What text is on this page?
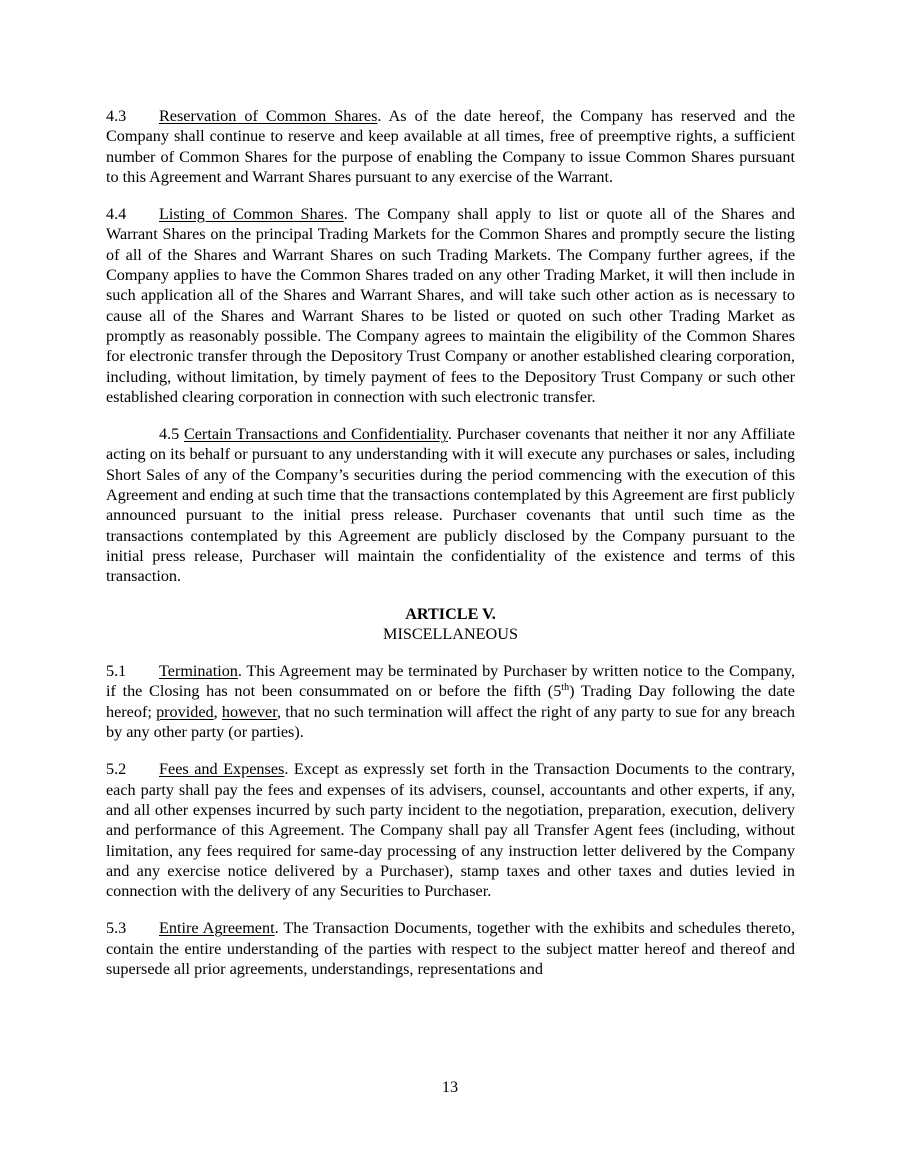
4.3 Reservation of Common Shares. As of the date hereof, the Company has reserved and the Company shall continue to reserve and keep available at all times, free of preemptive rights, a sufficient number of Common Shares for the purpose of enabling the Company to issue Common Shares pursuant to this Agreement and Warrant Shares pursuant to any exercise of the Warrant.

4.4 Listing of Common Shares. The Company shall apply to list or quote all of the Shares and Warrant Shares on the principal Trading Markets for the Common Shares and promptly secure the listing of all of the Shares and Warrant Shares on such Trading Markets. The Company further agrees, if the Company applies to have the Common Shares traded on any other Trading Market, it will then include in such application all of the Shares and Warrant Shares, and will take such other action as is necessary to cause all of the Shares and Warrant Shares to be listed or quoted on such other Trading Market as promptly as reasonably possible. The Company agrees to maintain the eligibility of the Common Shares for electronic transfer through the Depository Trust Company or another established clearing corporation, including, without limitation, by timely payment of fees to the Depository Trust Company or such other established clearing corporation in connection with such electronic transfer.

4.5 Certain Transactions and Confidentiality. Purchaser covenants that neither it nor any Affiliate acting on its behalf or pursuant to any understanding with it will execute any purchases or sales, including Short Sales of any of the Company’s securities during the period commencing with the execution of this Agreement and ending at such time that the transactions contemplated by this Agreement are first publicly announced pursuant to the initial press release. Purchaser covenants that until such time as the transactions contemplated by this Agreement are publicly disclosed by the Company pursuant to the initial press release, Purchaser will maintain the confidentiality of the existence and terms of this transaction.

ARTICLE V.

MISCELLANEOUS

5.1 Termination. This Agreement may be terminated by Purchaser by written notice to the Company, if the Closing has not been consummated on or before the fifth (5th) Trading Day following the date hereof; provided, however, that no such termination will affect the right of any party to sue for any breach by any other party (or parties).

5.2 Fees and Expenses. Except as expressly set forth in the Transaction Documents to the contrary, each party shall pay the fees and expenses of its advisers, counsel, accountants and other experts, if any, and all other expenses incurred by such party incident to the negotiation, preparation, execution, delivery and performance of this Agreement. The Company shall pay all Transfer Agent fees (including, without limitation, any fees required for same-day processing of any instruction letter delivered by the Company and any exercise notice delivered by a Purchaser), stamp taxes and other taxes and duties levied in connection with the delivery of any Securities to Purchaser.

5.3 Entire Agreement. The Transaction Documents, together with the exhibits and schedules thereto, contain the entire understanding of the parties with respect to the subject matter hereof and thereof and supersede all prior agreements, understandings, representations and

13
